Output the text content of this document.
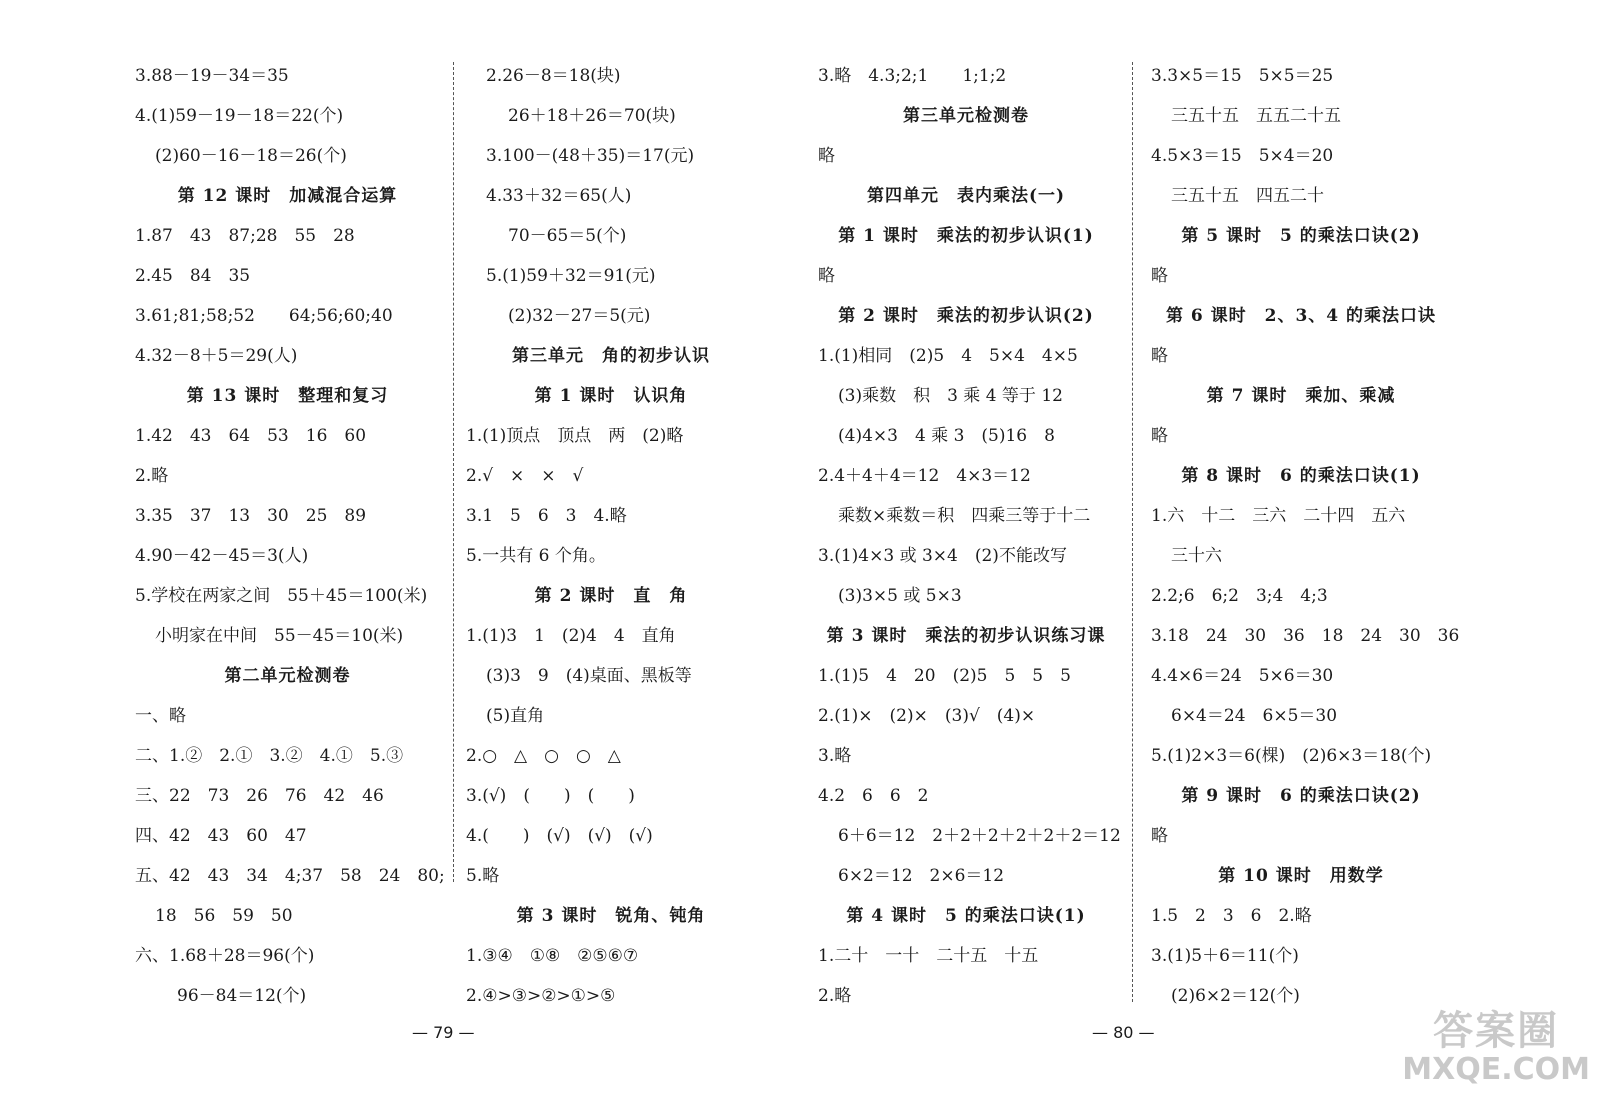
3.88－19－34＝35
4.(1)59－19－18＝22(个)
(2)60－16－18＝26(个)
第 12 课时　加减混合运算
1.87　43　87;28　55　28
2.45　84　35
3.61;81;58;52　　64;56;60;40
4.32－8＋5＝29(人)
第 13 课时　整理和复习
1.42　43　64　53　16　60
2.略
3.35　37　13　30　25　89
4.90－42－45＝3(人)
5.学校在两家之间　55＋45＝100(米)
小明家在中间　55－45＝10(米)
第二单元检测卷
一、略
二、1.②　2.①　3.②　4.①　5.③
三、22　73　26　76　42　46
四、42　43　60　47
五、42　43　34　4;37　58　24　80;
18　56　59　50
六、1.68＋28＝96(个)
96－84＝12(个)
2.26－8＝18(块)
26＋18＋26＝70(块)
3.100－(48＋35)＝17(元)
4.33＋32＝65(人)
70－65＝5(个)
5.(1)59＋32＝91(元)
(2)32－27＝5(元)
第三单元　角的初步认识
第 1 课时　认识角
1.(1)顶点　顶点　两　(2)略
2.√　×　×　√
3.1　5　6　3　4.略
5.一共有 6 个角。
第 2 课时　直　角
1.(1)3　1　(2)4　4　直角
(3)3　9　(4)桌面、黑板等
(5)直角
2.○　△　○　○　△
3.(√)　(　　)　(　　)
4.(　　)　(√)　(√)　(√)
5.略
第 3 课时　锐角、钝角
1.③④　①⑧　②⑤⑥⑦
2.④>③>②>①>⑤
3.略　4.3;2;1　　1;1;2
第三单元检测卷
略
第四单元　表内乘法(一)
第 1 课时　乘法的初步认识(1)
略
第 2 课时　乘法的初步认识(2)
1.(1)相同　(2)5　4　5×4　4×5
(3)乘数　积　3 乘 4 等于 12
(4)4×3　4 乘 3　(5)16　8
2.4＋4＋4＝12　4×3＝12
乘数×乘数＝积　四乘三等于十二
3.(1)4×3 或 3×4　(2)不能改写
(3)3×5 或 5×3
第 3 课时　乘法的初步认识练习课
1.(1)5　4　20　(2)5　5　5　5
2.(1)×　(2)×　(3)√　(4)×
3.略
4.2　6　6　2
6＋6＝12　2＋2＋2＋2＋2＋2＝12
6×2＝12　2×6＝12
第 4 课时　5 的乘法口诀(1)
1.二十　一十　二十五　十五
2.略
3.3×5＝15　5×5＝25
三五十五　五五二十五
4.5×3＝15　5×4＝20
三五十五　四五二十
第 5 课时　5 的乘法口诀(2)
略
第 6 课时　2、3、4 的乘法口诀
略
第 7 课时　乘加、乘减
略
第 8 课时　6 的乘法口诀(1)
1.六　十二　三六　二十四　五六
三十六
2.2;6　6;2　3;4　4;3
3.18　24　30　36　18　24　30　36
4.4×6＝24　5×6＝30
6×4＝24　6×5＝30
5.(1)2×3＝6(棵)　(2)6×3＝18(个)
第 9 课时　6 的乘法口诀(2)
略
第 10 课时　用数学
1.5　2　3　6　2.略
3.(1)5＋6＝11(个)
(2)6×2＝12(个)
— 79 —	— 80 —	答案圈
MXQE.COM
